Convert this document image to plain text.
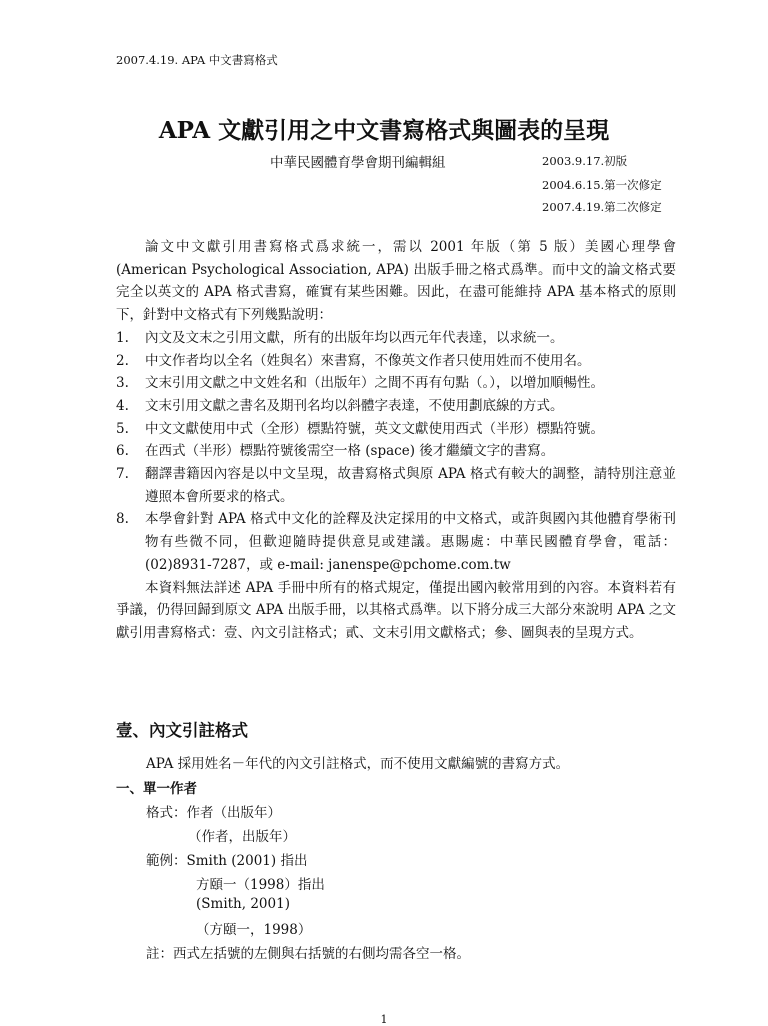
2007.4.19. APA 中文書寫格式
APA 文獻引用之中文書寫格式與圖表的呈現
中華民國體育學會期刊編輯組	2003.9.17.初版
2004.6.15.第一次修定
2007.4.19.第二次修定

論文中文獻引用書寫格式爲求統一，需以 2001 年版（第 5 版）美國心理學會 (American Psychological Association, APA) 出版手冊之格式爲準。而中文的論文格式要完全以英文的 APA 格式書寫，確實有某些困難。因此，在盡可能維持 APA 基本格式的原則下，針對中文格式有下列幾點說明：

1. 內文及文末之引用文獻，所有的出版年均以西元年代表達，以求統一。
2. 中文作者均以全名（姓與名）來書寫，不像英文作者只使用姓而不使用名。
3. 文末引用文獻之中文姓名和（出版年）之間不再有句點（。），以增加順暢性。
4. 文末引用文獻之書名及期刊名均以斜體字表達，不使用劃底線的方式。
5. 中文文獻使用中式（全形）標點符號，英文文獻使用西式（半形）標點符號。
6. 在西式（半形）標點符號後需空一格 (space) 後才繼續文字的書寫。
7. 翻譯書籍因內容是以中文呈現，故書寫格式與原 APA 格式有較大的調整，請特別注意並遵照本會所要求的格式。
8. 本學會針對 APA 格式中文化的詮釋及決定採用的中文格式，或許與國內其他體育學術刊物有些微不同，但歡迎隨時提供意見或建議。惠賜處：中華民國體育學會，電話：(02)8931-7287，或 e-mail: janenspe@pchome.com.tw

本資料無法詳述 APA 手冊中所有的格式規定，僅提出國內較常用到的內容。本資料若有爭議，仍得回歸到原文 APA 出版手冊，以其格式爲準。以下將分成三大部分來說明 APA 之文獻引用書寫格式：壹、內文引註格式；貳、文末引用文獻格式；參、圖與表的呈現方式。

壹、內文引註格式
APA 採用姓名－年代的內文引註格式，而不使用文獻編號的書寫方式。
一、單一作者
格式：作者（出版年）
（作者，出版年）
範例：Smith (2001) 指出
方頤一（1998）指出
(Smith, 2001)
（方頤一，1998）
註：西式左括號的左側與右括號的右側均需各空一格。
1
